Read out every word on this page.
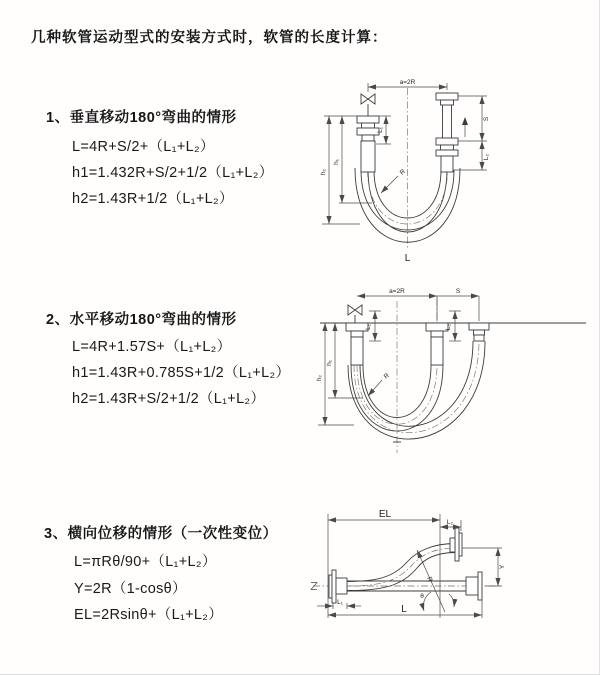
几种软管运动型式的安装方式时，软管的长度计算：
1、垂直移动180°弯曲的情形
L=4R+S/2+（L₁+L₂）
h1=1.432R+S/2+1/2（L₁+L₂）
h2=1.43R+1/2（L₁+L₂）
2、水平移动180°弯曲的情形
L=4R+1.57S+（L₁+L₂）
h1=1.43R+0.785S+1/2（L₁+L₂）
h2=1.43R+S/2+1/2（L₁+L₂）
3、横向位移的情形（一次性变位）
L=πRθ/90+（L₁+L₂）
Y=2R（1-cosθ）
EL=2Rsinθ+（L₁+L₂）
a=2R
h₁
h₂
L₁
S
L₂
R
L
a=2R	S
h₁
h₂
L₁	L₂
R
EL
L₂
Y
L₁
L
R
θ
